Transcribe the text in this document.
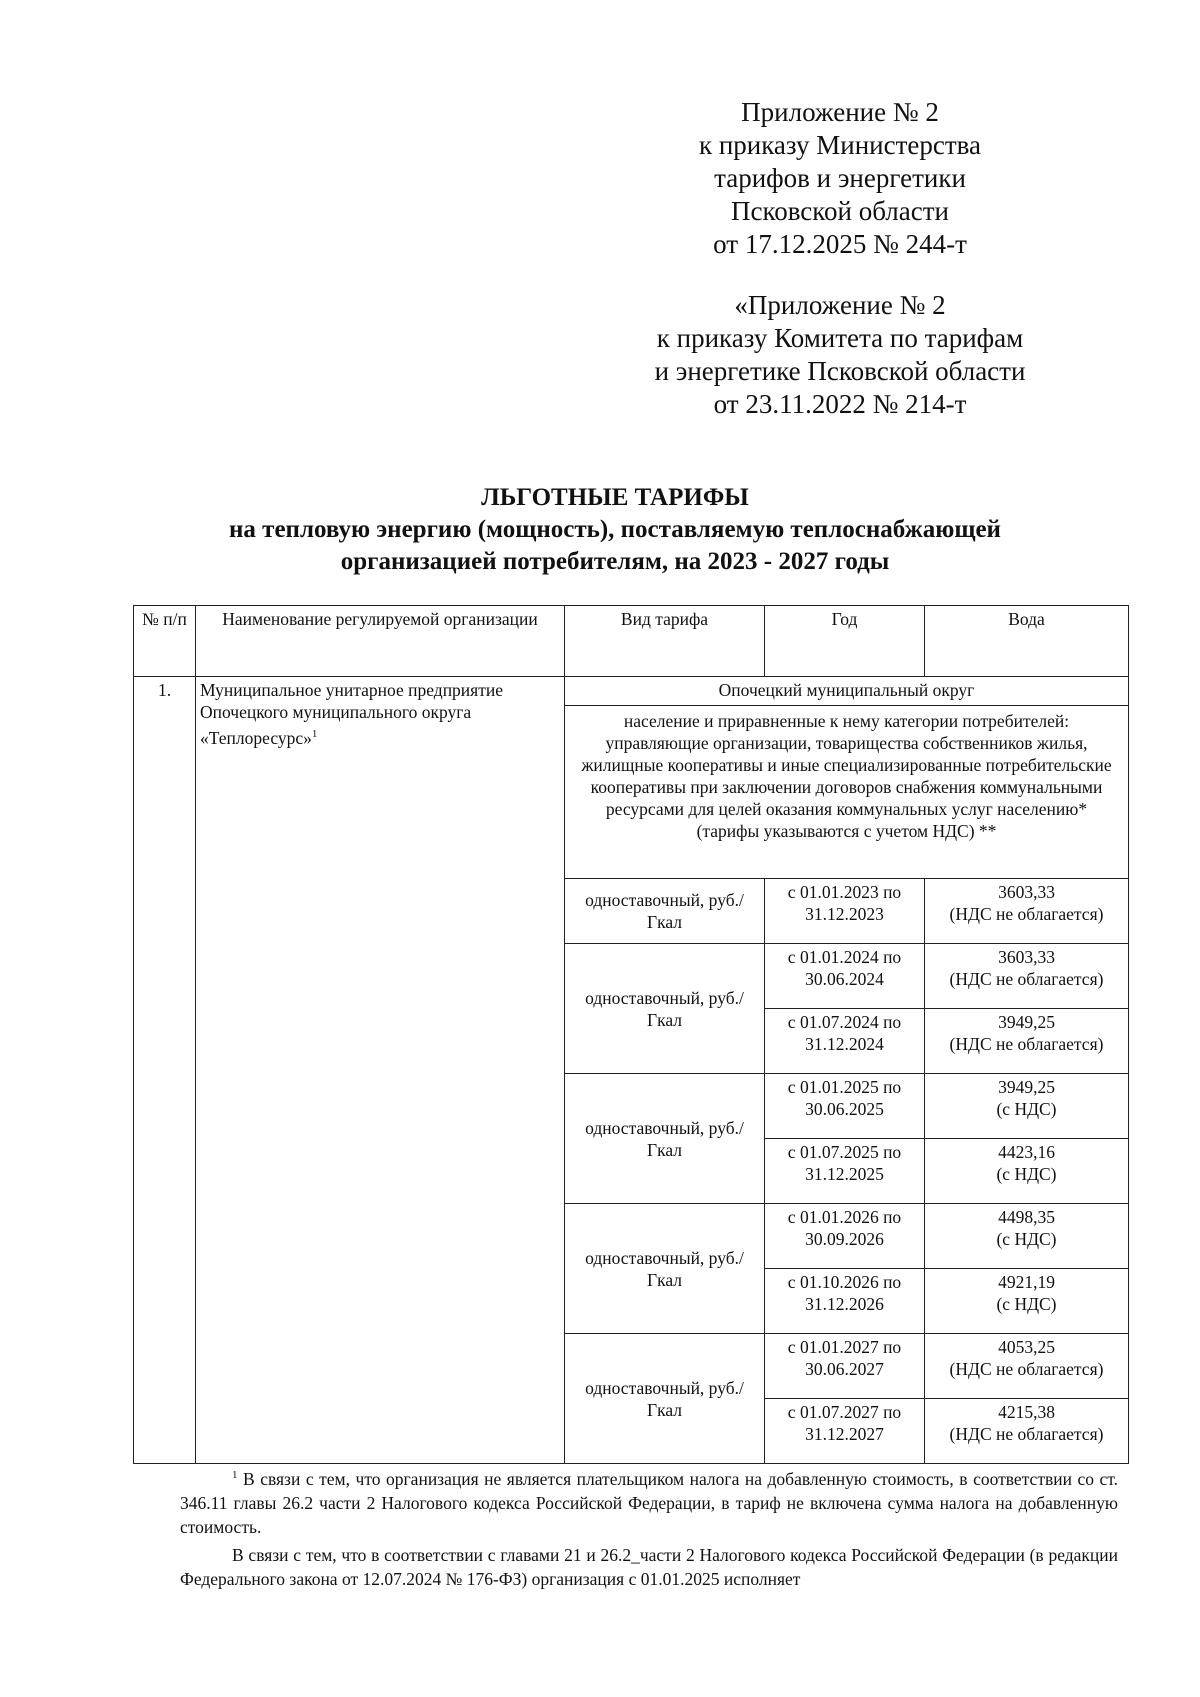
Приложение № 2
к приказу Министерства
тарифов и энергетики
Псковской области
от 17.12.2025 № 244-т
«Приложение № 2
к приказу Комитета по тарифам
и энергетике Псковской области
от 23.11.2022 № 214-т
ЛЬГОТНЫЕ ТАРИФЫ
на тепловую энергию (мощность), поставляемую теплоснабжающей
организацией потребителям, на 2023 - 2027 годы
№ п/п	Наименование регулируемой организации	Вид тарифа	Год	Вода
1.	Муниципальное унитарное предприятие Опочецкого муниципального округа «Теплоресурс»$^1$	Опочецкий муниципальный округ		
		население и приравненные к нему категории потребителей: управляющие организации, товарищества собственников жилья, жилищные кооперативы и иные специализированные потребительские кооперативы при заключении договоров снабжения коммунальными ресурсами для целей оказания коммунальных услуг населению* (тарифы указываются с учетом НДС) **		
		одноставочный, руб./Гкал	с 01.01.2023 по 31.12.2023	3603,33
(НДС не облагается)

		одноставочный, руб./Гкал	с 01.01.2024 по 30.06.2024	3603,33
(НДС не облагается)

			с 01.07.2024 по 31.12.2024	3949,25
(НДС не облагается)

		одноставочный, руб./Гкал	с 01.01.2025 по 30.06.2025	3949,25
(с НДС)

			с 01.07.2025 по 31.12.2025	4423,16
(с НДС)

		одноставочный, руб./Гкал	с 01.01.2026 по 30.09.2026	4498,35
(с НДС)

			с 01.10.2026 по 31.12.2026	4921,19
(с НДС)

		одноставочный, руб./Гкал	с 01.01.2027 по 30.06.2027	4053,25
(НДС не облагается)

			с 01.07.2027 по 31.12.2027	4215,38
(НДС не облагается)

$^1$ В связи с тем, что организация не является плательщиком налога на добавленную стоимость, в соответствии со ст. 346.11 главы 26.2 части 2 Налогового кодекса Российской Федерации, в тариф не включена сумма налога на добавленную стоимость.

В связи с тем, что в соответствии с главами 21 и 26.2_части 2 Налогового кодекса Российской Федерации (в редакции Федерального закона от 12.07.2024 № 176-ФЗ) организация с 01.01.2025 исполняет
